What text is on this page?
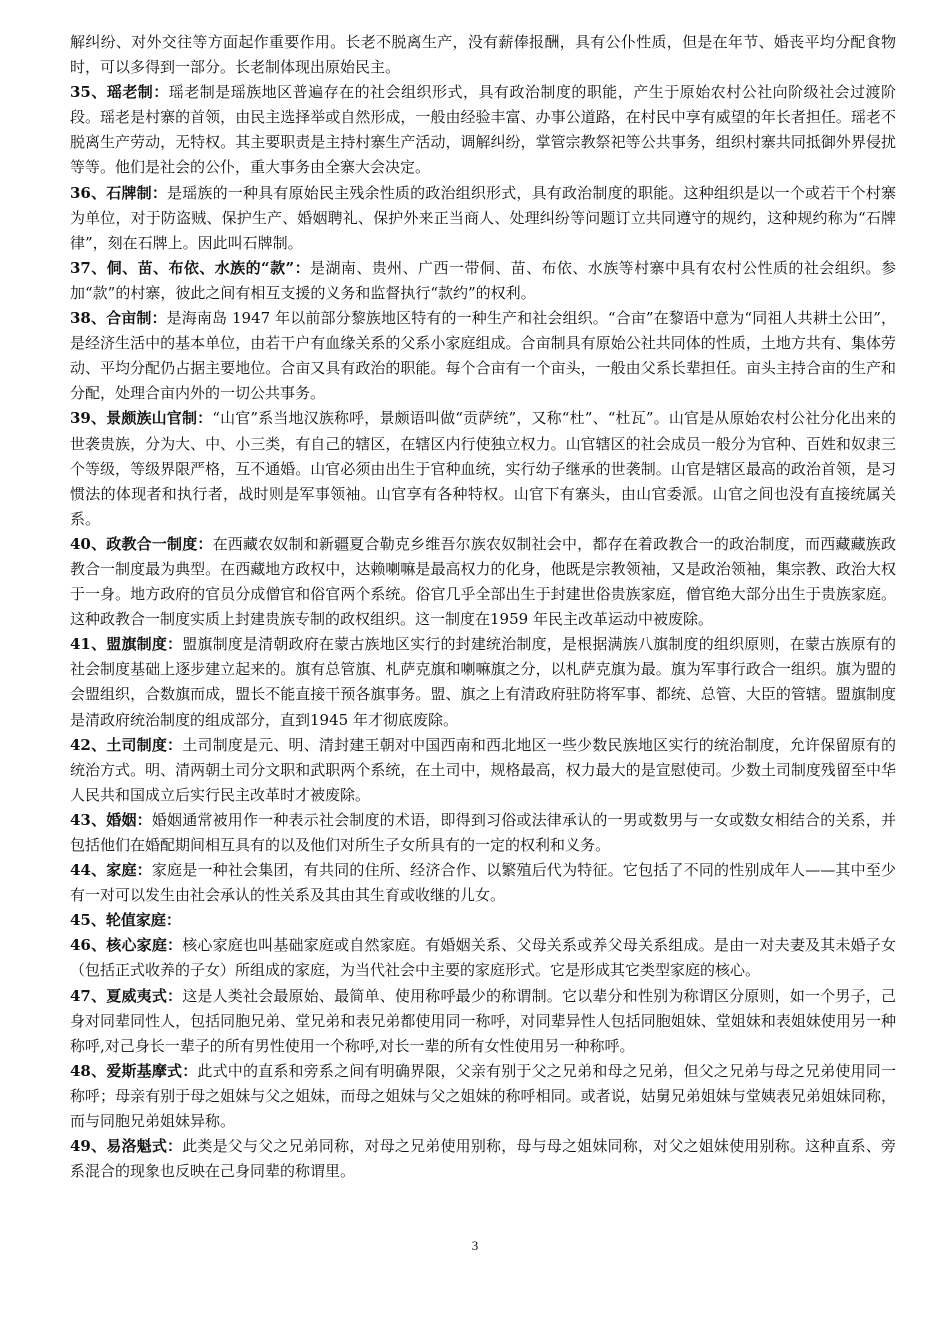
解纠纷、对外交往等方面起作重要作用。长老不脱离生产，没有薪俸报酬，具有公仆性质，但是在年节、婚丧平均分配食物时，可以多得到一部分。长老制体现出原始民主。

35、瑶老制：瑶老制是瑶族地区普遍存在的社会组织形式，具有政治制度的职能，产生于原始农村公社向阶级社会过渡阶段。瑶老是村寨的首领，由民主选择举或自然形成，一般由经验丰富、办事公道路，在村民中享有威望的年长者担任。瑶老不脱离生产劳动，无特权。其主要职责是主持村寨生产活动，调解纠纷，掌管宗教祭祀等公共事务，组织村寨共同抵御外界侵扰等等。他们是社会的公仆，重大事务由全寨大会决定。

36、石牌制：是瑶族的一种具有原始民主残余性质的政治组织形式，具有政治制度的职能。这种组织是以一个或若干个村寨为单位，对于防盗贼、保护生产、婚姻聘礼、保护外来正当商人、处理纠纷等问题订立共同遵守的规约，这种规约称为“石牌律”，刻在石牌上。因此叫石牌制。

37、侗、苗、布依、水族的“款”：是湖南、贵州、广西一带侗、苗、布依、水族等村寨中具有农村公性质的社会组织。参加“款”的村寨，彼此之间有相互支援的义务和监督执行“款约”的权利。

38、合亩制：是海南岛 1947 年以前部分黎族地区特有的一种生产和社会组织。“合亩”在黎语中意为“同祖人共耕土公田”，是经济生活中的基本单位，由若干户有血缘关系的父系小家庭组成。合亩制具有原始公社共同体的性质，土地方共有、集体劳动、平均分配仍占据主要地位。合亩又具有政治的职能。每个合亩有一个亩头，一般由父系长辈担任。亩头主持合亩的生产和分配，处理合亩内外的一切公共事务。

39、景颇族山官制：“山官”系当地汉族称呼，景颇语叫做“贡萨统”，又称“杜”、“杜瓦”。山官是从原始农村公社分化出来的世袭贵族，分为大、中、小三类，有自己的辖区，在辖区内行使独立权力。山官辖区的社会成员一般分为官种、百姓和奴隶三个等级，等级界限严格，互不通婚。山官必须由出生于官种血统，实行幼子继承的世袭制。山官是辖区最高的政治首领，是习惯法的体现者和执行者，战时则是军事领袖。山官享有各种特权。山官下有寨头，由山官委派。山官之间也没有直接统属关系。

40、政教合一制度：在西藏农奴制和新疆夏合勒克乡维吾尔族农奴制社会中，都存在着政教合一的政治制度，而西藏藏族政教合一制度最为典型。在西藏地方政权中，达赖喇嘛是最高权力的化身，他既是宗教领袖，又是政治领袖，集宗教、政治大权于一身。地方政府的官员分成僧官和俗官两个系统。俗官几乎全部出生于封建世俗贵族家庭，僧官绝大部分出生于贵族家庭。这种政教合一制度实质上封建贵族专制的政权组织。这一制度在1959 年民主改革运动中被废除。

41、盟旗制度：盟旗制度是清朝政府在蒙古族地区实行的封建统治制度，是根据满族八旗制度的组织原则，在蒙古族原有的社会制度基础上逐步建立起来的。旗有总管旗、札萨克旗和喇嘛旗之分，以札萨克旗为最。旗为军事行政合一组织。旗为盟的会盟组织，合数旗而成，盟长不能直接干预各旗事务。盟、旗之上有清政府驻防将军事、都统、总管、大臣的管辖。盟旗制度是清政府统治制度的组成部分，直到1945 年才彻底废除。

42、土司制度：土司制度是元、明、清封建王朝对中国西南和西北地区一些少数民族地区实行的统治制度，允许保留原有的统治方式。明、清两朝土司分文职和武职两个系统，在土司中，规格最高，权力最大的是宣慰使司。少数土司制度残留至中华人民共和国成立后实行民主改革时才被废除。

43、婚姻：婚姻通常被用作一种表示社会制度的术语，即得到习俗或法律承认的一男或数男与一女或数女相结合的关系，并包括他们在婚配期间相互具有的以及他们对所生子女所具有的一定的权利和义务。

44、家庭：家庭是一种社会集团，有共同的住所、经济合作、以繁殖后代为特征。它包括了不同的性别成年人——其中至少有一对可以发生由社会承认的性关系及其由其生育或收继的儿女。

45、轮值家庭：

46、核心家庭：核心家庭也叫基础家庭或自然家庭。有婚姻关系、父母关系或养父母关系组成。是由一对夫妻及其未婚子女（包括正式收养的子女）所组成的家庭，为当代社会中主要的家庭形式。它是形成其它类型家庭的核心。

47、夏威夷式：这是人类社会最原始、最简单、使用称呼最少的称谓制。它以辈分和性别为称谓区分原则，如一个男子，己身对同辈同性人，包括同胞兄弟、堂兄弟和表兄弟都使用同一称呼，对同辈异性人包括同胞姐妹、堂姐妹和表姐妹使用另一种称呼,对己身长一辈子的所有男性使用一个称呼,对长一辈的所有女性使用另一种称呼。

48、爱斯基摩式：此式中的直系和旁系之间有明确界限，父亲有别于父之兄弟和母之兄弟，但父之兄弟与母之兄弟使用同一称呼；母亲有别于母之姐妹与父之姐妹，而母之姐妹与父之姐妹的称呼相同。或者说，姑舅兄弟姐妹与堂姨表兄弟姐妹同称，而与同胞兄弟姐妹异称。

49、易洛魁式：此类是父与父之兄弟同称，对母之兄弟使用别称，母与母之姐妹同称，对父之姐妹使用别称。这种直系、旁系混合的现象也反映在己身同辈的称谓里。

3
